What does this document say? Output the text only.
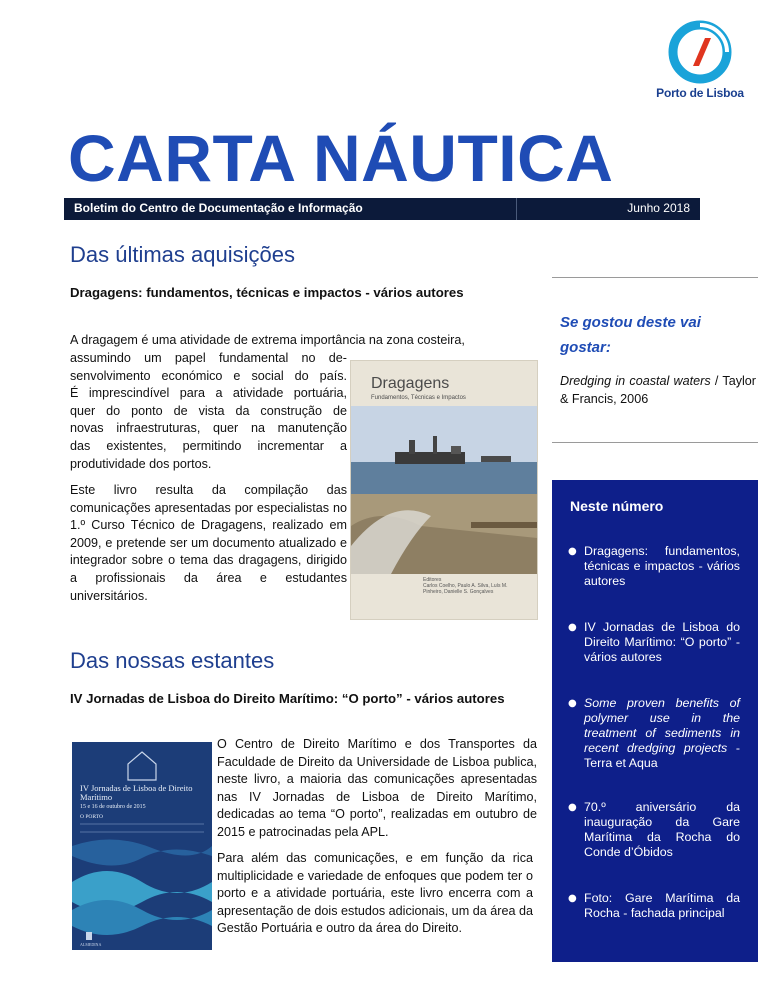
Porto de Lisboa
CARTA NÁUTICA
Boletim do Centro de Documentação e Informação	Junho 2018
Das últimas aquisições
Dragagens: fundamentos, técnicas e impactos - vários autores
A dragagem é uma atividade de extrema importância na zona costeira,
assumindo um papel fundamental no de-
senvolvimento económico e social do país.
É imprescindível para a atividade portuária,
quer do ponto de vista da construção de
novas infraestruturas, quer na manutenção
das existentes, permitindo incrementar a
produtividade dos portos.
Este livro resulta da compilação das comunicações apresentadas por especialistas no 1.º Curso Técnico de Dragagens, realizado em 2009, e pretende ser um documento atualizado e integrador sobre o tema das dragagens, dirigido a profissionais da área e estudantes universitários.
Dragagens
Fundamentos, Técnicas e Impactos
Editores
Carlos Coelho, Paulo A. Silva, Luís M. Pinheiro, Danielle S. Gonçalves
Das nossas estantes
IV Jornadas de Lisboa do Direito Marítimo: “O porto” - vários autores
IV Jornadas de Lisboa de Direito Marítimo
15 e 16 de outubro de 2015
O PORTO
ALMEDINA
O Centro de Direito Marítimo e dos Transportes da Faculdade de Direito da Universidade de Lisboa publica, neste livro, a maioria das comunicações apresentadas nas IV Jornadas de Lisboa de Direito Marítimo, dedicadas ao tema “O porto”, realizadas em outubro de 2015 e patrocinadas pela APL.
Para além das comunicações, e em função da rica multiplicidade e variedade de enfoques que podem ter o porto e a atividade portuária, este livro encerra com a apresentação de dois estudos adicionais, um da área da Gestão Portuária e outro da área do Direito.
Se gostou deste vai gostar:
Dredging in coastal waters / Taylor & Francis, 2006
Neste número
● Dragagens: fundamentos, técnicas e impactos - vários autores
● IV Jornadas de Lisboa do Direito Marítimo: “O porto” - vários autores
● Some proven benefits of polymer use in the treatment of sediments in recent dredging projects - Terra et Aqua
● 70.º aniversário da inauguração da Gare Marítima da Rocha do Conde d’Óbidos
● Foto: Gare Marítima da Rocha - fachada principal
